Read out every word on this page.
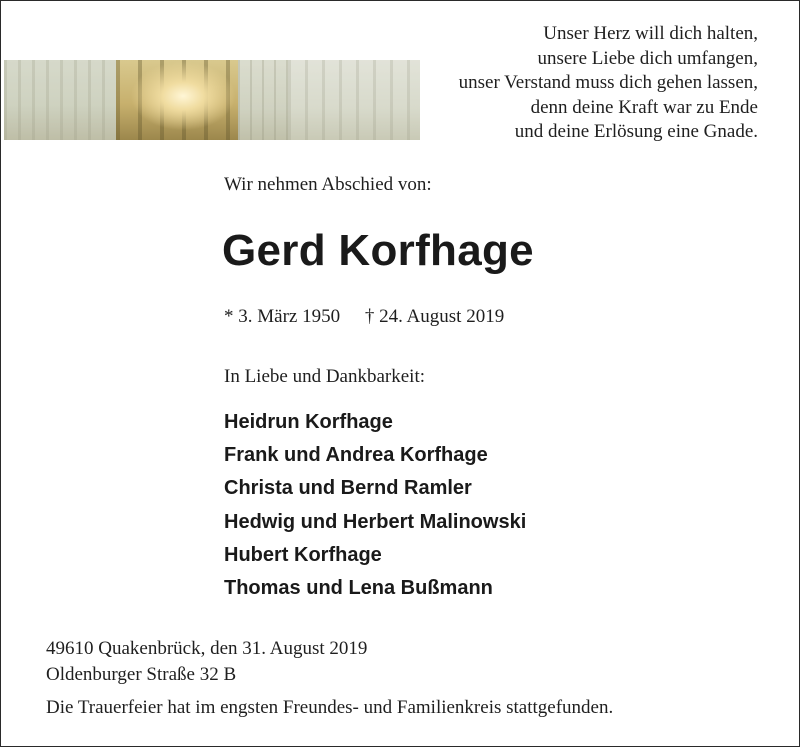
Unser Herz will dich halten,
unsere Liebe dich umfangen,
unser Verstand muss dich gehen lassen,
denn deine Kraft war zu Ende
und deine Erlösung eine Gnade.
Wir nehmen Abschied von:
Gerd Korfhage
* 3. März 1950 † 24. August 2019
In Liebe und Dankbarkeit:
Heidrun Korfhage
Frank und Andrea Korfhage
Christa und Bernd Ramler
Hedwig und Herbert Malinowski
Hubert Korfhage
Thomas und Lena Bußmann
49610 Quakenbrück, den 31. August 2019
Oldenburger Straße 32 B
Die Trauerfeier hat im engsten Freundes- und Familienkreis stattgefunden.
